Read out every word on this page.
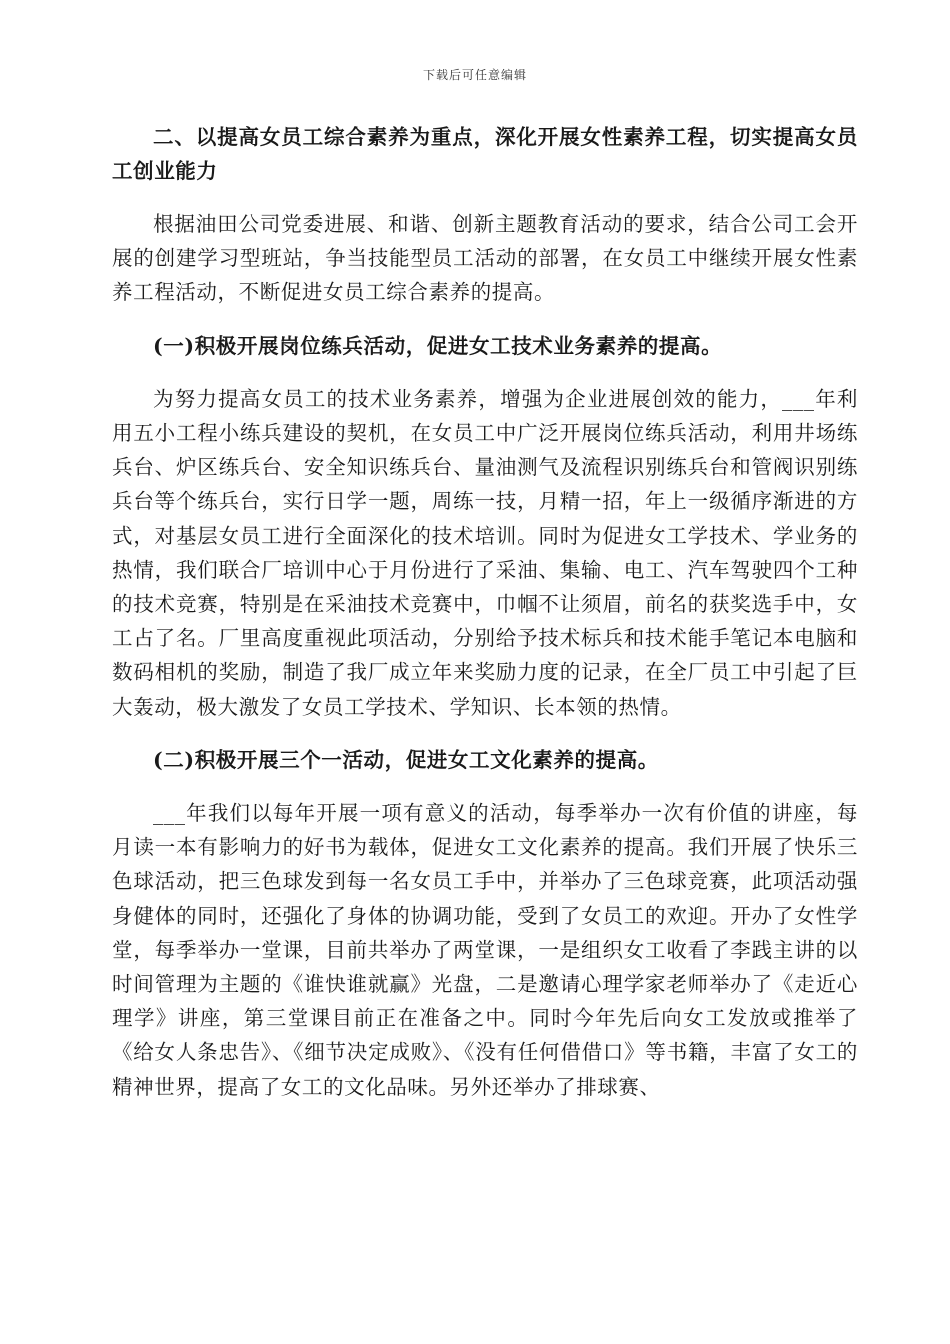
下载后可任意编辑

二、以提高女员工综合素养为重点，深化开展女性素养工程，切实提高女员工创业能力

根据油田公司党委进展、和谐、创新主题教育活动的要求，结合公司工会开展的创建学习型班站，争当技能型员工活动的部署，在女员工中继续开展女性素养工程活动，不断促进女员工综合素养的提高。

(一)积极开展岗位练兵活动，促进女工技术业务素养的提高。

为努力提高女员工的技术业务素养，增强为企业进展创效的能力，___年利用五小工程小练兵建设的契机，在女员工中广泛开展岗位练兵活动，利用井场练兵台、炉区练兵台、安全知识练兵台、量油测气及流程识别练兵台和管阀识别练兵台等个练兵台，实行日学一题，周练一技，月精一招，年上一级循序渐进的方式，对基层女员工进行全面深化的技术培训。同时为促进女工学技术、学业务的热情，我们联合厂培训中心于月份进行了采油、集输、电工、汽车驾驶四个工种的技术竞赛，特别是在采油技术竞赛中，巾帼不让须眉，前名的获奖选手中，女工占了名。厂里高度重视此项活动，分别给予技术标兵和技术能手笔记本电脑和数码相机的奖励，制造了我厂成立年来奖励力度的记录，在全厂员工中引起了巨大轰动，极大激发了女员工学技术、学知识、长本领的热情。

(二)积极开展三个一活动，促进女工文化素养的提高。

___年我们以每年开展一项有意义的活动，每季举办一次有价值的讲座，每月读一本有影响力的好书为载体，促进女工文化素养的提高。我们开展了快乐三色球活动，把三色球发到每一名女员工手中，并举办了三色球竞赛，此项活动强身健体的同时，还强化了身体的协调功能，受到了女员工的欢迎。开办了女性学堂，每季举办一堂课，目前共举办了两堂课，一是组织女工收看了李践主讲的以时间管理为主题的《谁快谁就赢》光盘，二是邀请心理学家老师举办了《走近心理学》讲座，第三堂课目前正在准备之中。同时今年先后向女工发放或推举了《给女人条忠告》、《细节决定成败》、《没有任何借借口》等书籍，丰富了女工的精神世界，提高了女工的文化品味。另外还举办了排球赛、
